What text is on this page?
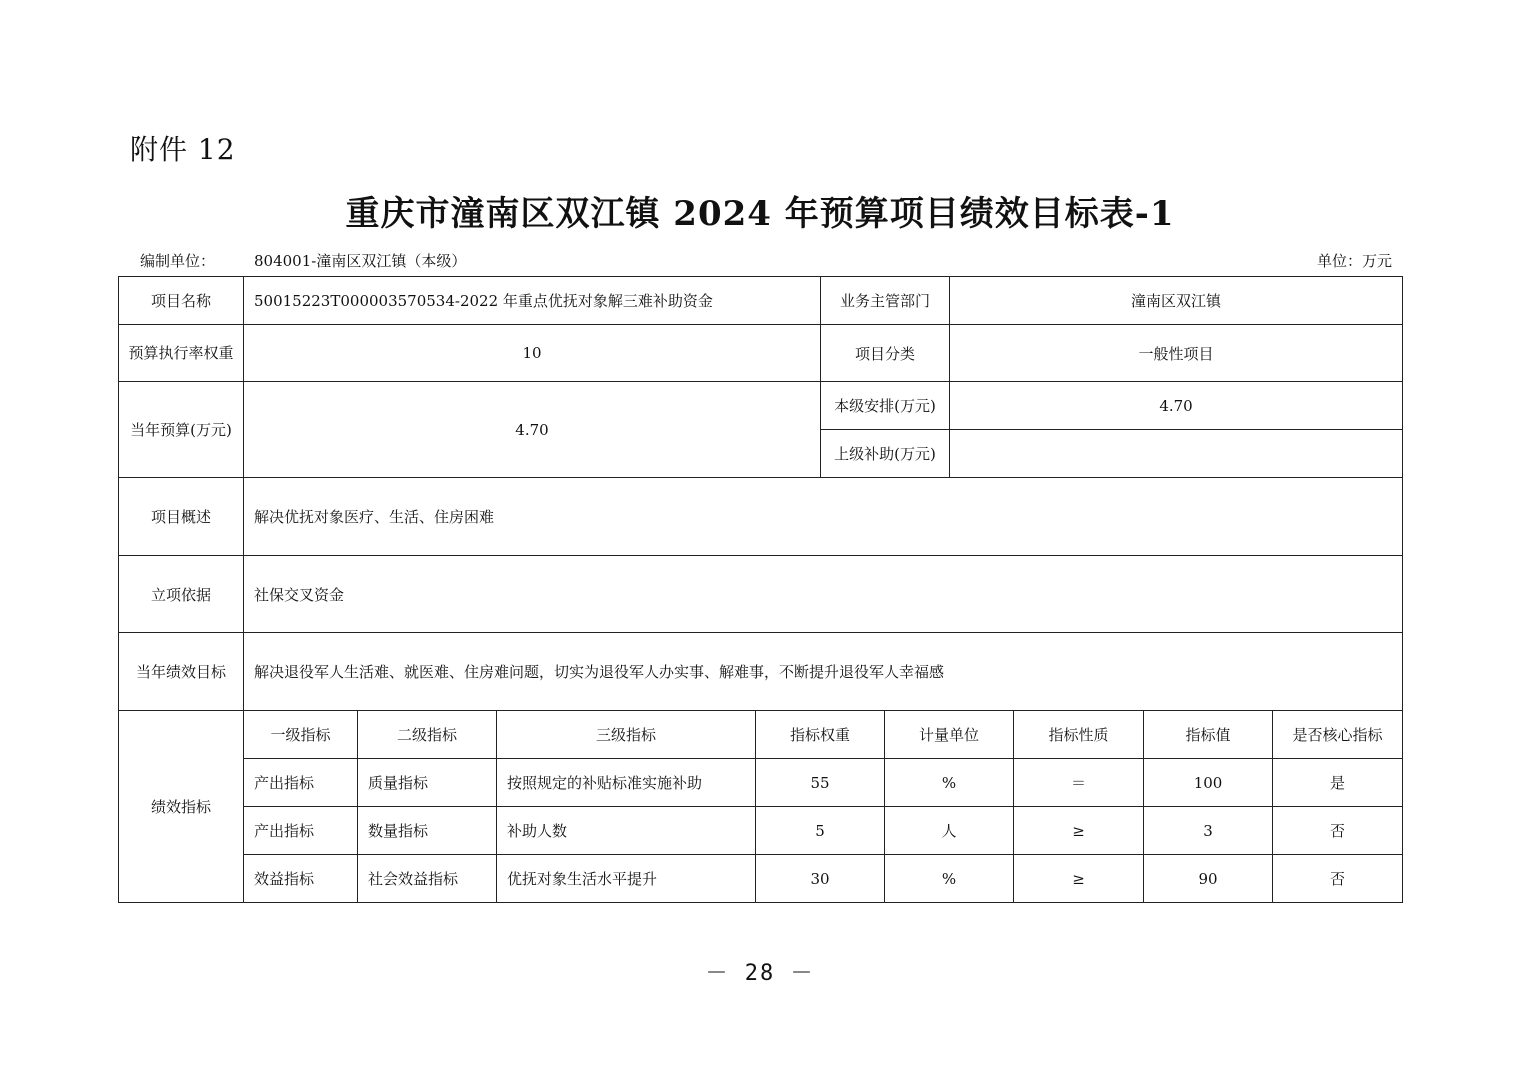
附件 12
重庆市潼南区双江镇 2024 年预算项目绩效目标表-1
编制单位：	804001-潼南区双江镇（本级）	单位：万元
项目名称	50015223T000003570534-2022 年重点优抚对象解三难补助资金				业务主管部门		潼南区双江镇			
预算执行率权重	10				项目分类		一般性项目			
当年预算(万元)	4.70				本级安排(万元)		4.70			
					上级补助(万元)					
项目概述	解决优抚对象医疗、生活、住房困难									
立项依据	社保交叉资金									
当年绩效目标	解决退役军人生活难、就医难、住房难问题，切实为退役军人办实事、解难事，不断提升退役军人幸福感									
绩效指标	一级指标	二级指标	三级指标	指标权重		计量单位		指标性质	指标值	是否核心指标
	产出指标	质量指标	按照规定的补贴标准实施补助	55		%		＝	100	是
	产出指标	数量指标	补助人数	5		人		≥	3	否
	效益指标	社会效益指标	优抚对象生活水平提升	30		%		≥	90	否
－ 28 －
